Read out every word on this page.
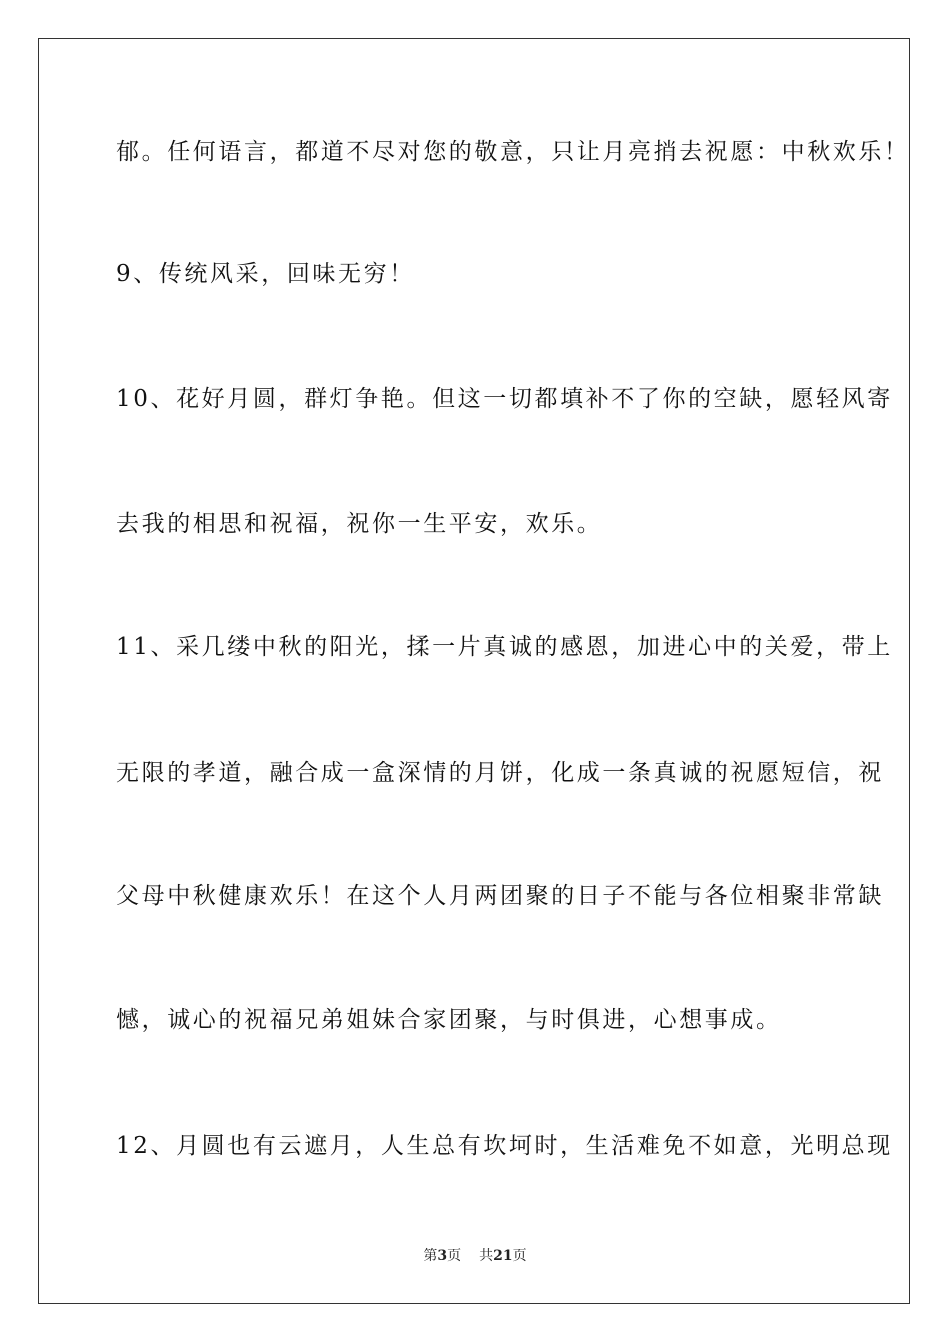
郁。任何语言，都道不尽对您的敬意，只让月亮捎去祝愿：中秋欢乐！
9、传统风采，回味无穷！
10、花好月圆，群灯争艳。但这一切都填补不了你的空缺，愿轻风寄
去我的相思和祝福，祝你一生平安，欢乐。
11、采几缕中秋的阳光，揉一片真诚的感恩，加进心中的关爱，带上
无限的孝道，融合成一盒深情的月饼，化成一条真诚的祝愿短信，祝
父母中秋健康欢乐！在这个人月两团聚的日子不能与各位相聚非常缺
憾，诚心的祝福兄弟姐妹合家团聚，与时俱进，心想事成。
12、月圆也有云遮月，人生总有坎坷时，生活难免不如意，光明总现
第3页 共21页
